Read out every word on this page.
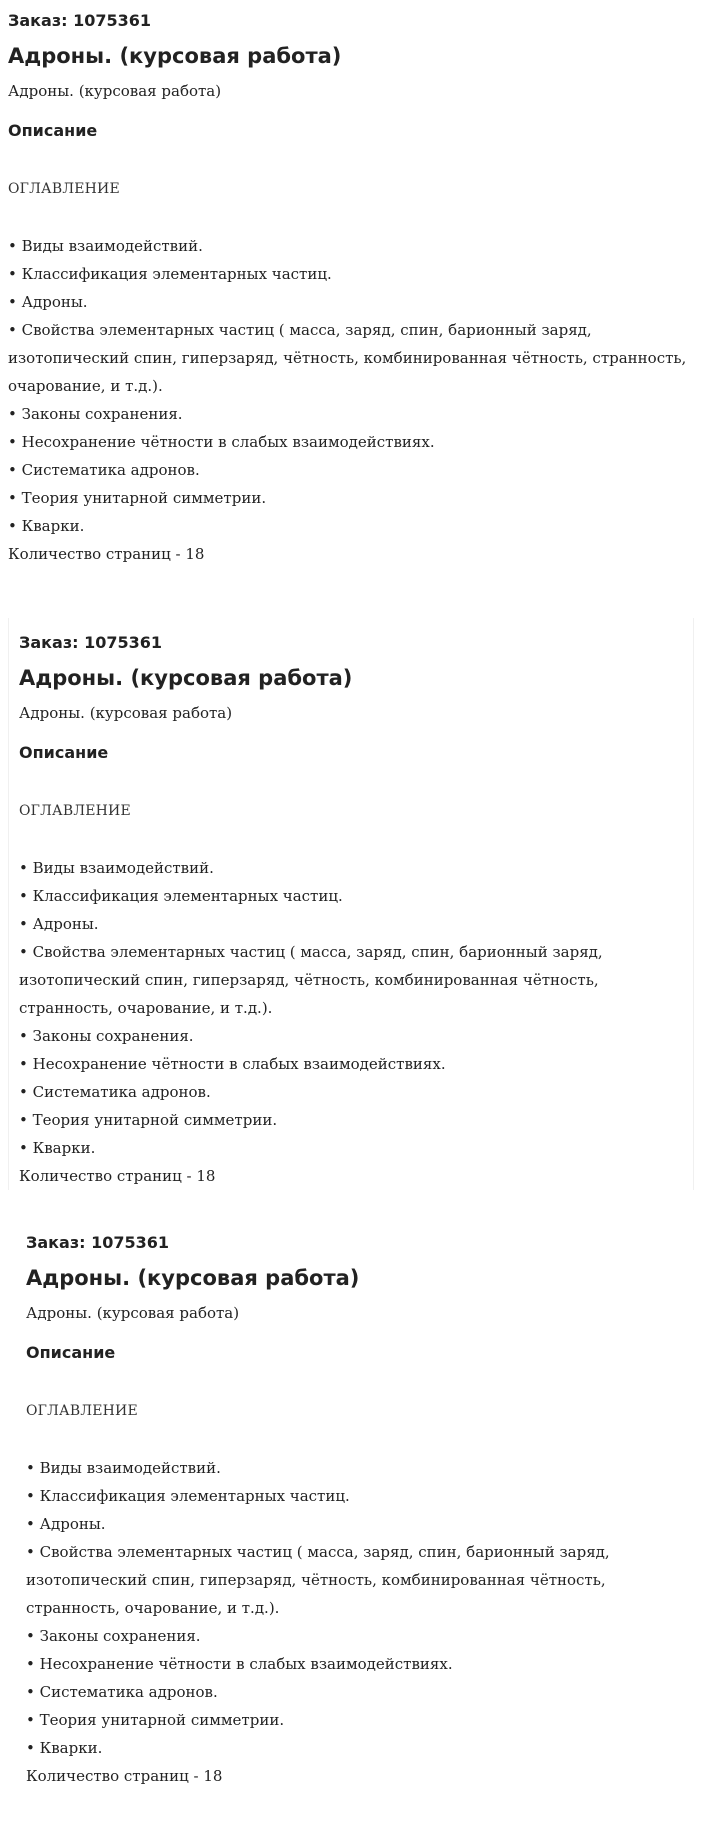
Заказ: 1075361
Адроны. (курсовая работа)
Адроны. (курсовая работа)
Описание
ОГЛАВЛЕНИЕ
• Виды взаимодействий.
• Классификация элементарных частиц.
• Адроны.
• Свойства элементарных частиц ( масса, заряд, спин, барионный заряд, изотопический спин, гиперзаряд, чётность, комбинированная чётность, странность, очарование, и т.д.).
• Законы сохранения.
• Несохранение чётности в слабых взаимодействиях.
• Систематика адронов.
• Теория унитарной симметрии.
• Кварки.
Количество страниц - 18
Заказ: 1075361
Адроны. (курсовая работа)
Адроны. (курсовая работа)
Описание
ОГЛАВЛЕНИЕ
• Виды взаимодействий.
• Классификация элементарных частиц.
• Адроны.
• Свойства элементарных частиц ( масса, заряд, спин, барионный заряд, изотопический спин, гиперзаряд, чётность, комбинированная чётность, странность, очарование, и т.д.).
• Законы сохранения.
• Несохранение чётности в слабых взаимодействиях.
• Систематика адронов.
• Теория унитарной симметрии.
• Кварки.
Количество страниц - 18
Заказ: 1075361
Адроны. (курсовая работа)
Адроны. (курсовая работа)
Описание
ОГЛАВЛЕНИЕ
• Виды взаимодействий.
• Классификация элементарных частиц.
• Адроны.
• Свойства элементарных частиц ( масса, заряд, спин, барионный заряд, изотопический спин, гиперзаряд, чётность, комбинированная чётность, странность, очарование, и т.д.).
• Законы сохранения.
• Несохранение чётности в слабых взаимодействиях.
• Систематика адронов.
• Теория унитарной симметрии.
• Кварки.
Количество страниц - 18
